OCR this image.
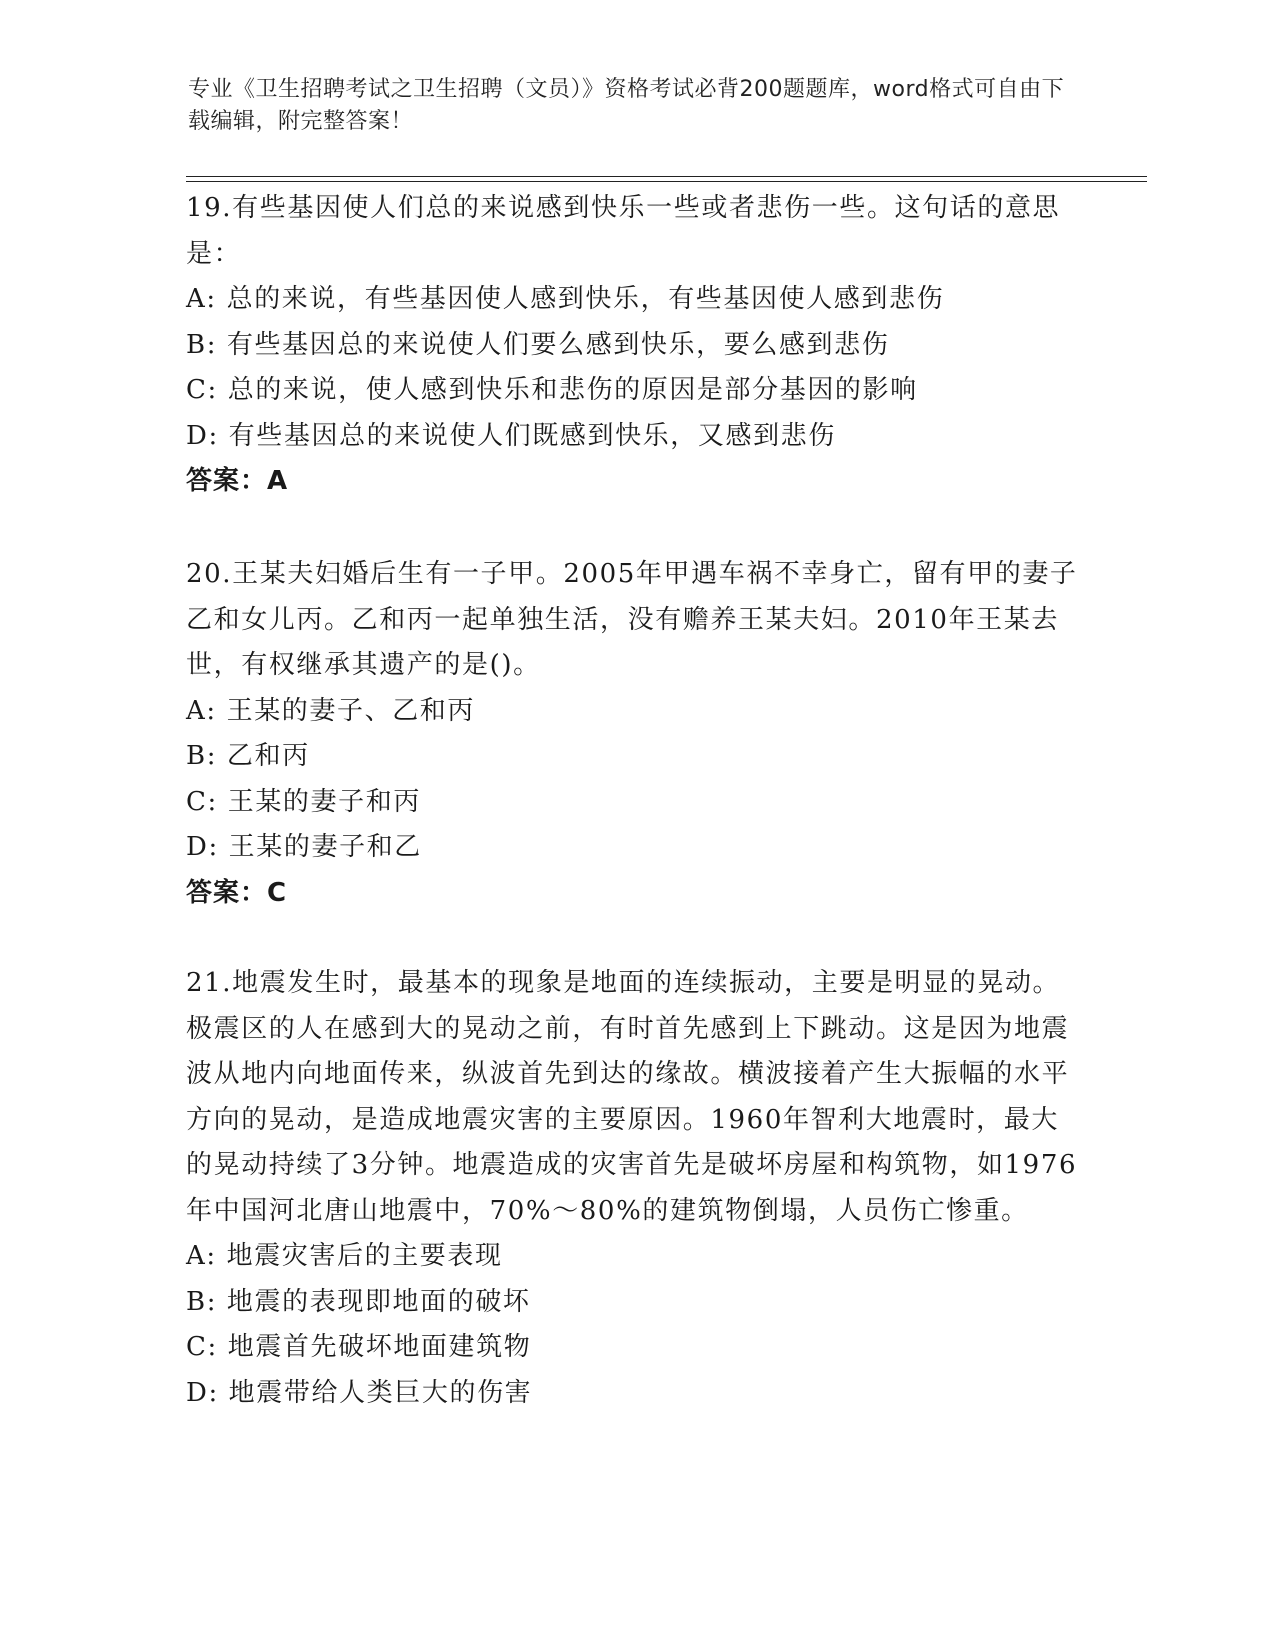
专业《卫生招聘考试之卫生招聘（文员）》资格考试必背200题题库，word格式可自由下载编辑，附完整答案！

19.有些基因使人们总的来说感到快乐一些或者悲伤一些。这句话的意思是：

A: 总的来说，有些基因使人感到快乐，有些基因使人感到悲伤

B: 有些基因总的来说使人们要么感到快乐，要么感到悲伤

C: 总的来说，使人感到快乐和悲伤的原因是部分基因的影响

D: 有些基因总的来说使人们既感到快乐，又感到悲伤

答案：A

20.王某夫妇婚后生有一子甲。2005年甲遇车祸不幸身亡，留有甲的妻子乙和女儿丙。乙和丙一起单独生活，没有赡养王某夫妇。2010年王某去世，有权继承其遗产的是()。

A: 王某的妻子、乙和丙

B: 乙和丙

C: 王某的妻子和丙

D: 王某的妻子和乙

答案：C

21.地震发生时，最基本的现象是地面的连续振动，主要是明显的晃动。极震区的人在感到大的晃动之前，有时首先感到上下跳动。这是因为地震波从地内向地面传来，纵波首先到达的缘故。横波接着产生大振幅的水平方向的晃动，是造成地震灾害的主要原因。1960年智利大地震时，最大的晃动持续了3分钟。地震造成的灾害首先是破坏房屋和构筑物，如1976年中国河北唐山地震中，70%～80%的建筑物倒塌，人员伤亡惨重。

A: 地震灾害后的主要表现

B: 地震的表现即地面的破坏

C: 地震首先破坏地面建筑物

D: 地震带给人类巨大的伤害
